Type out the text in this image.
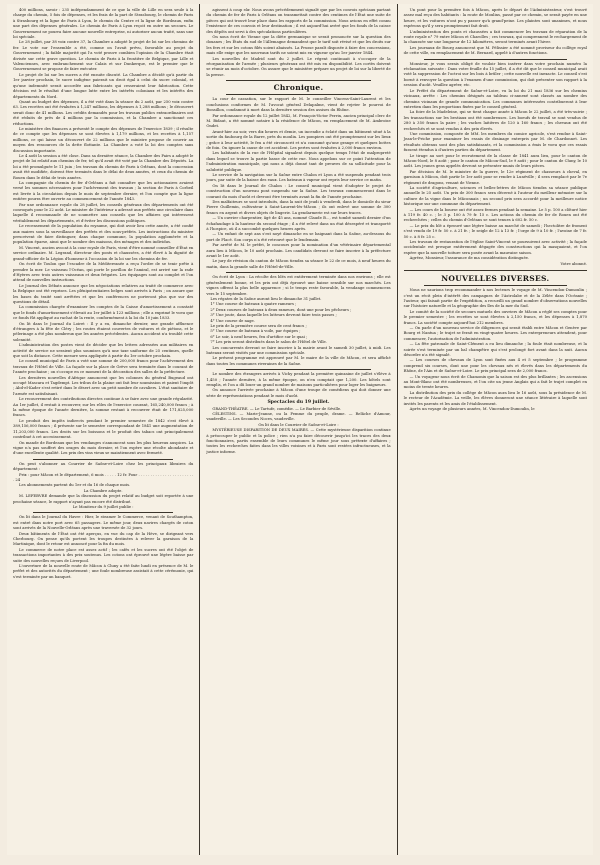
400 millions, savoir : 235 indépendamment de ce que la ville de Lille en sera seule à la charge du chemin, 5 fois de dépenses, et les frais de la part de Strasbourg, le chemin de Paris à Strasbourg et la ligne de Paris à Lyon, le chemin du Centre et la ligne de Bordeaux, enfin une part des dépenses générales. Le chemin de Paris à Lyon reçoit en outre un secours. Le Gouvernement ne pourra faire aucune nouvelle entreprise, ni autoriser aucun traité, sans une loi spéciale.

Le 28 juillet, par 38 voix contre 37, la Chambre a adopté le projet de loi sur les chemins de fer. Le vote sur l'ensemble a été, comme on l'avait prévu, favorable au projet du Gouvernement ; la faible majorité qui l'a voté prouve combien l'opinion de la Chambre était divisée sur cette grave question. Le chemin de Paris à la frontière de Belgique, par Lille et Valenciennes, avec embranchement sur Calais et sur Dunkerque, est le premier que le Gouvernement se propose de faire exécuter.

Le projet de loi sur les sucres a été ensuite discuté. La Chambre a décidé qu'à partir du 1er janvier prochain, le sucre indigène paierait un droit égal à celui du sucre colonial, et qu'une indemnité serait accordée aux fabricants qui cesseraient leur fabrication. Cette décision est le résultat d'une longue lutte entre les intérêts coloniaux et les intérêts des départements du Nord.

Quant au budget des dépenses, il a été voté dans la séance du 2 août, par 250 voix contre 63. Les recettes ont été évaluées à 1,247 millions, les dépenses à 1,288 millions ; le découvert serait donc de 41 millions. Les crédits demandés pour les travaux publics extraordinaires ont été réduits de près de 4 millions par la commission, et la Chambre a sanctionné ces réductions.

Le ministère des finances a présenté le compte des dépenses de l'exercice 1839 ; il résulte de ce compte que les dépenses se sont élevées à 1,179 millions, et les recettes à 1,157 millions, ce qui laisse un découvert de 22 millions que le ministre propose de couvrir au moyen des ressources de la dette flottante. La Chambre a voté la loi des comptes sans discussion importante.

Le 4 août la session a été close. Dans sa dernière séance, la Chambre des Pairs a adopté le projet de loi relatif aux chemins de fer, tel qu'il avait été voté par la Chambre des Députés. La loi a été promulguée le 11 juin ; les travaux du chemin de Paris à Orléans, dont la concession avait été modifiée, doivent être terminés dans le délai de deux années, et ceux du chemin de Rouen dans le délai de trois années.

La compagnie du chemin de fer d'Orléans a fait connaître que les actionnaires avaient versé les sommes nécessaires pour l'achèvement des travaux ; la section de Paris à Corbeil est livrée à la circulation depuis le mois de septembre dernier, et l'on compte que la ligne entière pourra être ouverte au commencement de l'année 1843.

Par une ordonnance royale du 28 juillet, les conseils généraux des départements ont été convoqués pour le 22 août. Le ministre de l'intérieur a adressé aux préfets une circulaire dans laquelle il recommande de ne soumettre aux conseils que les affaires qui intéressent véritablement les départements, et d'éviter les discussions politiques.

Le recensement de la population du royaume, qui doit avoir lieu cette année, a été confié aux maires sous la surveillance des préfets et des sous-préfets. Les instructions du ministre prescrivent de faire distinguer, dans chaque commune, la population agglomérée et la population éparse, ainsi que le nombre des maisons, des ménages et des individus.

M. Vincent, ancien avocat à la cour royale de Paris, vient d'être nommé conseiller d'État en service ordinaire. M. Legrand, directeur des ponts et chaussées, a été élevé à la dignité de grand-officier de la Légion d'honneur à l'occasion de la loi sur les chemins de fer.

On écrit de Toulon que l'escadre de la Méditerranée a reçu l'ordre de se tenir prête à prendre la mer. Le vaisseau l'Océan, qui porte le pavillon de l'amiral, est arrivé sur la rade d'Hyères avec trois autres vaisseaux et deux frégates. Les équipages sont au complet et l'on attend de nouvelles instructions.

Le Journal des Débats annonce que les négociations relatives au traité de commerce avec la Belgique ont été reprises. Les plénipotentiaires belges sont arrivés à Paris ; on assure que les bases du traité sont arrêtées et que les conférences ne porteront plus que sur des questions de détail.

La commission chargée d'examiner les comptes de la Caisse d'amortissement a constaté que le fonds d'amortissement s'élevait au 1er juillet à 123 millions ; elle a exprimé le voeu que ce fonds fût appliqué au rachat de la rente, conformément à la loi du 10 juin 1833.

On lit dans le Journal du Loiret : Il y a eu, dimanche dernier, une grande affluence d'étrangers à la fête de Cléry ; les routes étaient couvertes de voitures et de piétons, et le pèlerinage a été plus nombreux que les années précédentes. Aucun accident n'a troublé cette solennité.

L'administration des postes vient de décider que les lettres adressées aux militaires en activité de service ne seraient plus soumises qu'à une taxe uniforme de 25 centimes, quelle que soit la distance. Cette mesure sera appliquée à partir du 1er octobre prochain.

Le conseil municipal de Paris a voté une somme de 200,000 francs pour l'achèvement des travaux de l'Hôtel de Ville. La façade sur la place de Grève sera terminée dans le courant de l'année prochaine ; on s'occupe en ce moment de la décoration des salles de la préfecture.

Les dernières nouvelles d'Afrique annoncent que les colonnes du général Bugeaud ont occupé Mascara et Tagdempt. Les tribus de la plaine ont fait leur soumission et paient l'impôt ; Abd-el-Kader s'est retiré dans le désert avec un petit nombre de cavaliers. L'état sanitaire de l'armée est satisfaisant.

Le recouvrement des contributions directes continue à se faire avec une grande régularité. Au 1er juillet, il restait à recouvrer, sur les rôles de l'exercice courant, 165,240,000 francs ; à la même époque de l'année dernière, la somme restant à recouvrer était de 171,825,000 francs.

Le produit des impôts indirects pendant le premier semestre de 1842 s'est élevé à 389,156,000 francs ; il présente sur le semestre correspondant de 1841 une augmentation de 11,203,000 francs. Les droits sur les boissons et le produit des tabacs ont principalement contribué à cet accroissement.

On mande de Bordeaux que les vendanges s'annoncent sous les plus heureux auspices. La vigne n'a pas souffert des orages du mois dernier, et l'on espère une récolte abondante et d'une excellente qualité. Les prix des vins vieux se maintiennent avec fermeté.

On peut s'abonner au Courrier de Saône-et-Loire chez les principaux libraires du département :

Prix : pour Mâcon et le département, 6 mois . . . . . 12 fr. Pour . . . . . . . . . . . . . . . . . . . . . . . . 24

Les abonnements partent du 1er et du 16 de chaque mois.

La Chambre adopte.

M. LEFEBVRE demande que la discussion du projet relatif au budget soit reportée à une prochaine séance, le rapport n'ayant pas encore été distribué.

Le Moniteur du 9 juillet publie :

On lit dans le Journal du Havre : Hier, le steamer le Commerce, venant de Southampton, est entré dans notre port avec 65 passagers. Le même jour, deux navires chargés de coton sont arrivés de la Nouvelle-Orléans après une traversée de 32 jours.

Deux bâtiments de l'État ont été aperçus, en vue du cap de la Hève, se dirigeant vers Cherbourg. On pense qu'ils portent les troupes destinées à relever la garnison de la Martinique, dont le retour est annoncé pour la fin du mois.

Le commerce de notre place est assez actif ; les cafés et les sucres ont été l'objet de transactions importantes à des prix soutenus. Les cotons ont éprouvé une légère baisse par suite des nouvelles reçues de Liverpool.

L'ouverture de la nouvelle route de Mâcon à Cluny a été faite lundi en présence de M. le préfet et des autorités du département ; une foule nombreuse assistait à cette cérémonie, qui s'est terminée par un banquet.

agissent à coup sûr. Nous avons précédemment signalé que par les convois spéciaux partant du chemin de fer de Paris à Orléans on transmettait contre des centimes de l'État une suite de pièces qui ont trouvé leur place dans les rapports de la commission. Nous avions en effet connu l'existence de ces convois et leur destination ; il est aujourd'hui avéré que les fonds de la caisse des dépôts ont servi à des spéculations particulières.

On nous écrit de Vienne que la diète germanique se serait prononcée sur la question des douanes ; les États du sud de l'Allemagne demandent que le tarif soit révisé et que les droits sur les fers et sur les cotons filés soient abaissés. La Prusse paraît disposée à faire des concessions, mais elle exige que les nouveaux tarifs ne soient mis en vigueur qu'au 1er janvier 1844.

Les nouvelles de Madrid sont du 2 juillet. Le régent continuait à s'occuper de la réorganisation de l'armée ; plusieurs généraux ont été mis en disponibilité. Les cortès doivent se réunir au mois d'octobre. On assure que le ministère prépare un projet de loi sur la liberté de la presse.

Chronique.

La cour de cassation, sur le rapport de M. le conseiller Vincens-Saint-Laurent et les conclusions conformes de M. l'avocat général Delapalme, vient de rejeter le pourvoi de Bonsillon, condamné à mort dans la dernière session des assises du Rhône.

Par ordonnance royale du 12 juillet 1842, M. François-Victor Perrin, ancien principal clerc de M. Bidaut, a été nommé notaire à la résidence de Mâcon, en remplacement de M. Ambroise Ondet.

Avant-hier au soir, vers dix heures et demie, un incendie a éclaté dans un bâtiment situé à la sortie du faubourg de la Barre, près du moulin. Les pompiers ont été promptement sur les lieux ; grâce à leur activité, le feu a été circonscrit et n'a consumé qu'une grange et quelques bottes de foin. On ignore la cause de cet accident. Les pertes sont évaluées à 2,000 francs environ.

Les habitants de la rue de l'Hôpital signalent depuis quelque temps l'état de malpropreté dans lequel se trouve la partie basse de cette rue. Nous appelons sur ce point l'attention de l'administration municipale, qui nous a déjà donné tant de preuves de sa sollicitude pour la salubrité publique.

Le service de la navigation sur la Saône entre Chalon et Lyon a été suspendu pendant trois jours, par suite de la baisse des eaux. Les bateaux à vapeur ont repris leur service ce matin.

On lit dans le Journal de Chalon : Le conseil municipal vient d'adopter le projet de construction d'un nouveau pont suspendu sur la Saône. Les travaux commenceront dans le courant du mois d'août et devront être terminés avant la fin de l'année prochaine.

Des malfaiteurs se sont introduits, dans la nuit de jeudi à vendredi, dans le domicile du sieur Pierre Guillemin, cultivateur à Saint-Laurent-lès-Mâcon ; ils ont enlevé une somme de 300 francs en argent et divers objets de lingerie. La gendarmerie est sur leurs traces.

— Un ouvrier charpentier, âgé de 45 ans, nommé Claude B..., est tombé samedi dernier d'un échafaudage à la hauteur du second étage ; il a été relevé dans un état désespéré et transporté à l'hospice, où il a succombé quelques heures après.

— Un enfant de sept ans s'est noyé dimanche en se baignant dans la Saône, au-dessous du port de Flacé. Son corps n'a été retrouvé que le lendemain.

Par arrêté de M. le préfet, le concours pour la nomination d'un vétérinaire départemental aura lieu à Mâcon, le 10 août prochain. Les candidats devront se faire inscrire à la préfecture avant le 1er août.

Le jury de révision du canton de Mâcon tiendra sa séance le 22 de ce mois, à neuf heures du matin, dans la grande salle de l'Hôtel-de-Ville.

On écrit de Lyon : La récolte des blés est entièrement terminée dans nos environs ; elle est généralement bonne, et les prix ont déjà éprouvé une baisse sensible sur nos marchés. Les vignes offrent la plus belle apparence ; si le temps reste favorable, la vendange commencera vers le 15 septembre.

Les régates de la Saône auront lieu le dimanche 31 juillet.
1° Une course de bateaux à quatre rameurs ;
2° Deux courses de bateaux à deux rameurs, dont une pour les pêcheurs ;
3° Une joute, dans laquelle les lutteurs devront faire trois passes ;
4° Une course de nage.
Le prix de la première course sera de cent francs ;
5° Une course de bateaux à voile, par équipes ;
6° Le soir, à neuf heures, feu d'artifice sur le quai ;
7° Les prix seront distribués dans le salon de l'Hôtel de Ville.

Les concurrents devront se faire inscrire à la mairie avant le samedi 30 juillet, à midi. Les bateaux seront visités par une commission spéciale.

Le présent programme est approuvé par M. le maire de la ville de Mâcon, et sera affiché dans toutes les communes riveraines de la Saône.

Le nombre des étrangers arrivés à Vichy pendant la première quinzaine de juillet s'élève à 1,450 ; l'année dernière, à la même époque, on n'en comptait que 1,200. Les hôtels sont remplis, et l'on a dû louer un grand nombre de maisons particulières pour loger les baigneurs.

On annonce l'arrivée prochaine à Mâcon d'une troupe de comédiens qui doit donner une série de représentations pendant le mois d'août.

Spectacles du 19 juillet.

GRAND-THÉATRE. — Le Tartufe, comédie. — Le Barbier de Séville.

CÉLESTINS. — Marie-Jeanne, ou la Femme du peuple, drame. — Relâche d'Amour, vaudeville. — Les Secondes Noces, vaudeville.

On lit dans le Courrier de Saône-et-Loire :

MYSTÉRIEUSE DISPARITION DE DEUX MAIRES. — Cette mystérieuse disparition continue à préoccuper le public et la police ; rien n'a pu faire découvrir jusqu'ici les traces des deux fonctionnaires, partis ensemble de leurs communes le même jour sous prétexte d'affaires ; toutes les recherches faites dans les villes voisines et à Paris sont restées infructueuses, et la justice informe.

Un pont pour la première fois à Mâcon, après le départ de l'Administrateur, s'est trouvé assez mal reçu des habitants : la route de Moulins, passé par ce chemin, se serait payée en une heure, et les voitures n'ont pu y passer qu'à grand'peine. Les plaintes sont unanimes, et nous espérons qu'il y sera promptement fait droit.

L'administration des ponts et chaussées a fait commencer les travaux de réparation de la route royale n° 79 entre Mâcon et Charolles ; ces travaux, qui comprennent le rechargement de la chaussée sur une longueur de 12 kilomètres, seront terminés avant l'hiver.

Les journaux de Bourg annoncent que M. Pélissier a été nommé proviseur du collège royal de cette ville, en remplacement de M. Bernard, appelé à d'autres fonctions.

Monsieur, je vous serais obligé de vouloir bien insérer dans votre prochain numéro la réclamation suivante : Dans votre feuille du 15 juillet, il a été dit que le conseil municipal avait voté la suppression de l'octroi sur les bois à brûler ; cette nouvelle est inexacte. Le conseil s'est borné à renvoyer la question à l'examen d'une commission, qui doit présenter son rapport à la session d'août. Veuillez agréer, etc.

Le Préfet du département de Saône-et-Loire, vu la loi du 21 mai 1836 sur les chemins vicinaux, arrête : Les chemins désignés au tableau ci-annexé sont classés au nombre des chemins vicinaux de grande communication. Les communes intéressées contribueront à leur entretien dans les proportions fixées par le conseil général.

La foire de la Madeleine, qui se tient chaque année à Mâcon le 22 juillet, a été très-suivie ; les transactions sur les bestiaux ont été nombreuses. Les boeufs de travail se sont vendus de 280 à 350 francs la paire ; les vaches laitières de 120 à 160 francs ; les chevaux ont été recherchés et se sont vendus à des prix élevés.

Une commission, composée de MM. les membres du comice agricole, s'est rendue à Saint-Jean-le-Priche pour examiner les essais de drainage entrepris par M. de Chardonnet. Les résultats obtenus sont des plus satisfaisants, et la commission a émis le voeu que ces essais fussent étendus à d'autres parties du département.

Le tirage au sort pour le recrutement de la classe de 1841 aura lieu, pour le canton de Mâcon-Nord, le 8 août ; pour le canton de Mâcon-Sud, le 9 août ; pour le canton de Cluny, le 10 août. Les jeunes gens appelés devront se présenter munis de leurs pièces.

Par décision de M. le ministre de la guerre, le 12e régiment de chasseurs à cheval, en garnison à Mâcon, doit partir le 1er août pour se rendre à Lunéville ; il sera remplacé par le 7e régiment de dragons, venant de Vienne.

La société d'agriculture, sciences et belles-lettres de Mâcon tiendra sa séance publique annuelle le 25 août. Un prix de 300 francs sera décerné à l'auteur du meilleur mémoire sur la culture de la vigne dans le Mâconnais ; un second prix sera accordé pour la meilleure notice historique sur une commune du département.

— Les cours de la bourse ont été assez fermes pendant la semaine. Le 5 p. 100 a clôturé hier à 119 fr. 40 c. ; le 3 p. 100 à 79 fr. 15 c. Les actions du chemin de fer de Rouen ont été recherchées ; celles du chemin d'Orléans se sont tenues à 602 fr. 50 c.

— Le prix du blé a éprouvé une légère baisse au marché de samedi ; l'hectolitre de froment s'est vendu de 19 fr. 50 c. à 21 fr. ; le seigle de 12 à 13 fr. ; l'orge de 9 à 10 fr. ; l'avoine de 7 fr. 50 c. à 8 fr. 25 c.

Les travaux de restauration de l'église Saint-Vincent se poursuivent avec activité ; la façade occidentale est presque entièrement dégagée des constructions qui la masquaient, et l'on espère que la nouvelle toiture sera posée avant la mauvaise saison.

Agréez, Monsieur, l'assurance de ma considération distinguée.

Votre abonné.

NOUVELLES DIVERSES.

Nous ne saurions trop recommander à nos lecteurs le voyage de M. Vincendon-Dumoulin ; c'est un récit plein d'intérêt des campagnes de l'Astrolabe et de la Zélée dans l'Océanie ; l'auteur, qui faisait partie de l'expédition, a recueilli un grand nombre d'observations nouvelles sur l'histoire naturelle et la géographie des îles de la mer du Sud.

Le comité de la société de secours mutuels des ouvriers de Mâcon a réglé ses comptes pour le premier semestre ; les recettes se sont élevées à 2,150 francs, et les dépenses à 1,870 francs. La société compte aujourd'hui 212 membres.

— On parle d'un nouveau service de diligences qui serait établi entre Mâcon et Genève par Bourg et Nantua ; le trajet se ferait en vingt-quatre heures. Les entrepreneurs attendent, pour commencer, l'autorisation de l'administration.

— La fête patronale de Saint-Clément a eu lieu dimanche ; la foule était nombreuse, et la soirée s'est terminée par un bal champêtre qui s'est prolongé fort avant dans la nuit. Aucun désordre n'a été signalé.

— Les courses de chevaux de Lyon sont fixées aux 4 et 5 septembre ; le programme comprend six courses, dont une pour les chevaux nés et élevés dans les départements du Rhône, de l'Ain et de Saône-et-Loire. Le prix principal sera de 2,000 francs.

— Un voyageur nous écrit de Chamonix que la saison est des plus brillantes ; les ascensions au Mont-Blanc ont été nombreuses, et l'on cite un jeune Anglais qui a fait le trajet complet en moins de trente heures.

La distribution des prix du collège de Mâcon aura lieu le 16 août, sous la présidence de M. le recteur de l'Académie. La veille, les élèves donneront une séance littéraire à laquelle sont invités les parents et les amis de l'établissement.

Après un voyage de plusieurs années, M. Vincendon-Dumoulin, le
